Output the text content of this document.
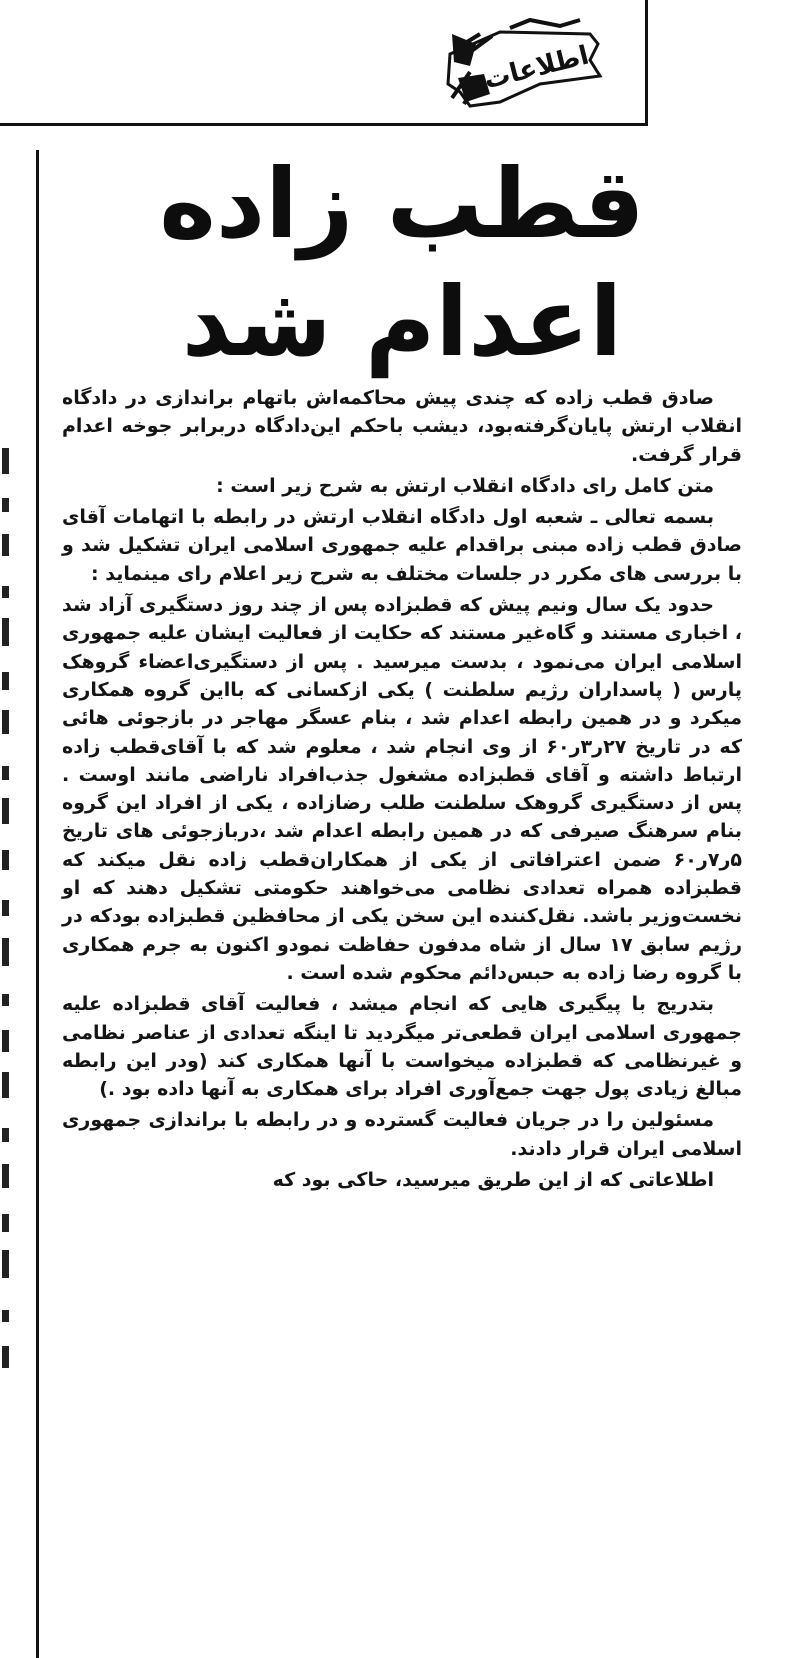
اطلاعات
قطب زاده
اعدام شد

صادق قطب زاده که چندی پیش محاکمه‌اش باتهام براندازی در دادگاه انقلاب ارتش پایان‌گرفته‌بود، دیشب باحکم این‌دادگاه دربرابر جوخه اعدام قرار گرفت.

متن کامل رای دادگاه انقلاب ارتش به شرح زیر است :

بسمه تعالی ـ شعبه اول دادگاه انقلاب ارتش در رابطه با اتهامات آقای صادق قطب زاده مبنی براقدام علیه جمهوری اسلامی ایران تشکیل شد و با بررسی های مکرر در جلسات مختلف به شرح زیر اعلام رای مینماید :

حدود یک سال ونیم پیش که قطبزاده پس از چند روز دستگیری آزاد شد ، اخباری مستند و گاه‌غیر مستند که حکایت از فعالیت ایشان علیه جمهوری اسلامی ایران می‌نمود ، بدست میرسید . پس از دستگیری‌اعضاء گروهک پارس ( پاسداران رژیم سلطنت ) یکی ازکسانی که بااین گروه همکاری میکرد و در همین رابطه اعدام شد ، بنام عسگر مهاجر در بازجوئی هائی که در تاریخ ۲۷ر۳ر۶۰ از وی انجام شد ، معلوم شد که با آقای‌قطب زاده ارتباط داشته و آقای قطبزاده مشغول جذب‌افراد ناراضی مانند اوست . پس از دستگیری گروهک سلطنت طلب رضازاده ، یکی از افراد این گروه بنام سرهنگ صیرفی که در همین رابطه اعدام شد ،دربازجوئی های تاریخ ۵ر۷ر۶۰ ضمن اعترافاتی از یکی از همکاران‌قطب زاده نقل میکند که قطبزاده همراه تعدادی نظامی می‌خواهند حکومتی تشکیل دهند که او نخست‌وزیر باشد. نقل‌کننده این سخن یکی از محافظین قطبزاده بودکه در رژیم سابق ۱۷ سال از شاه مدفون حفاظت نمودو اکنون به جرم همکاری با گروه رضا زاده به حبس‌دائم محکوم شده است .

بتدریج با پیگیری هایی که انجام میشد ، فعالیت آقای قطبزاده علیه جمهوری اسلامی ایران قطعی‌تر میگردید تا اینگه تعدادی از عناصر نظامی و غیرنظامی که قطبزاده میخواست با آنها همکاری کند (ودر این رابطه مبالغ زیادی پول جهت جمع‌آوری افراد برای همکاری به آنها داده بود .)

مسئولین را در جریان فعالیت گسترده و در رابطه با براندازی جمهوری اسلامی ایران قرار دادند.

اطلاعاتی که از این طریق میرسید، حاکی بود که
